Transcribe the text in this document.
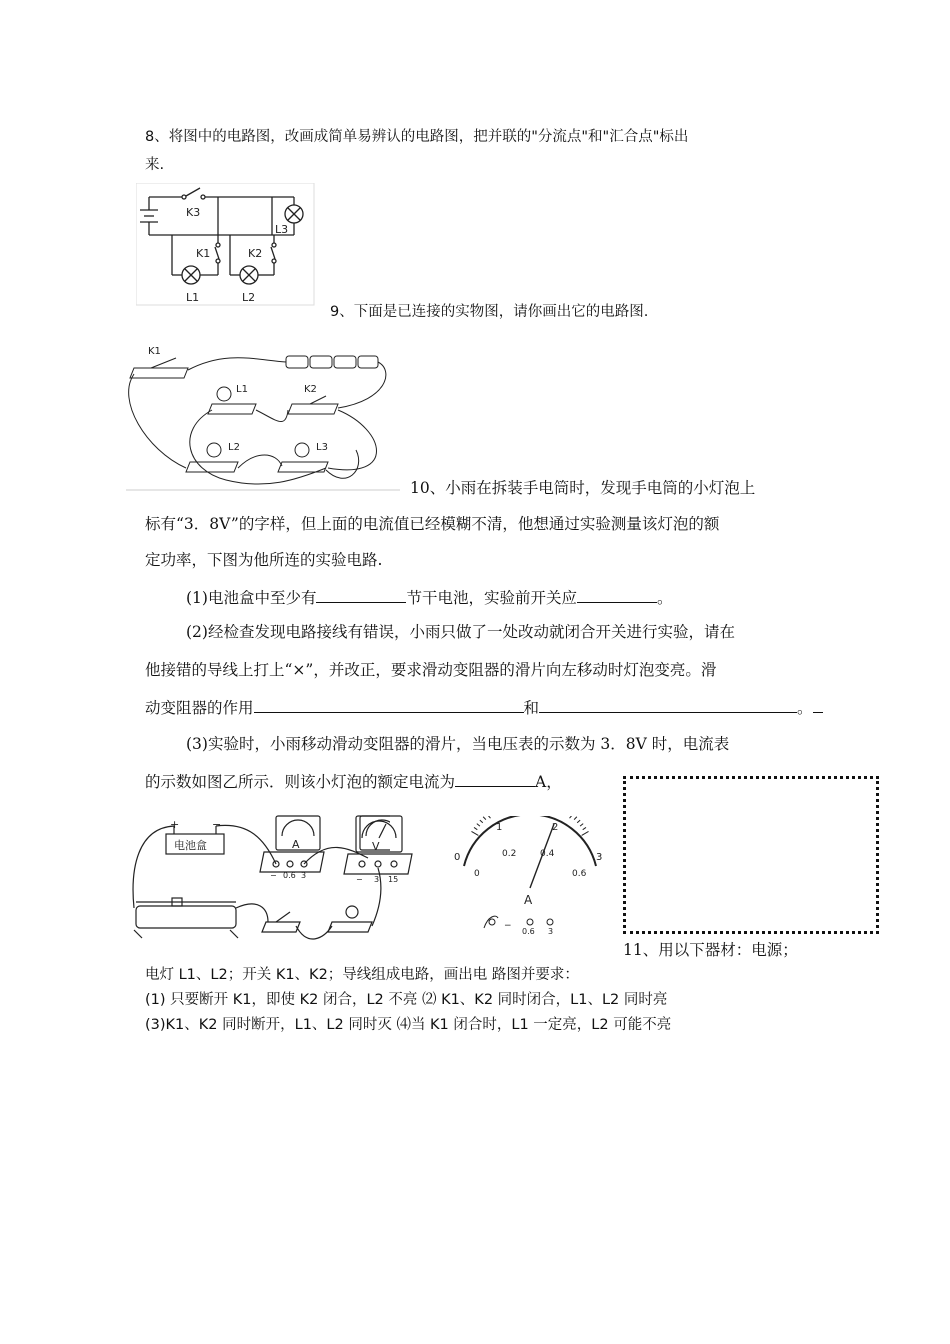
8、将图中的电路图，改画成简单易辨认的电路图，把并联的"分流点"和"汇合点"标出
来.
K3
K1	K2
L3
L1	L2
9、下面是已连接的实物图，请你画出它的电路图.
K1
L1	K2
L2	L3
10、小雨在拆装手电筒时，发现手电筒的小灯泡上
标有“3．8V”的字样，但上面的电流值已经模糊不清，他想通过实验测量该灯泡的额
定功率，下图为他所连的实验电路.
(1)电池盒中至少有	节干电池，实验前开关应	。
(2)经检查发现电路接线有错误，小雨只做了一处改动就闭合开关进行实验，请在
他接错的导线上打上“×”，并改正，要求滑动变阻器的滑片向左移动时灯泡变亮。滑
动变阻器的作用	和	。
(3)实验时，小雨移动滑动变阻器的滑片，当电压表的示数为 3．8V 时，电流表
的示数如图乙所示．则该小灯泡的额定电流为	A，
+	−
电池盒	A
− 0.6 3
V
− 3 15
0
1	2
3
0
0.2	0.4
0.6
A
−
0.6 3
11、用以下器材：电源；
电灯 L1、L2；开关 K1、K2；导线组成电路，画出电 路图并要求：
(1) 只要断开 K1，即使 K2 闭合，L2 不亮 ⑵ K1、K2 同时闭合，L1、L2 同时亮
(3)K1、K2 同时断开，L1、L2 同时灭 ⑷当 K1 闭合时，L1 一定亮，L2 可能不亮
